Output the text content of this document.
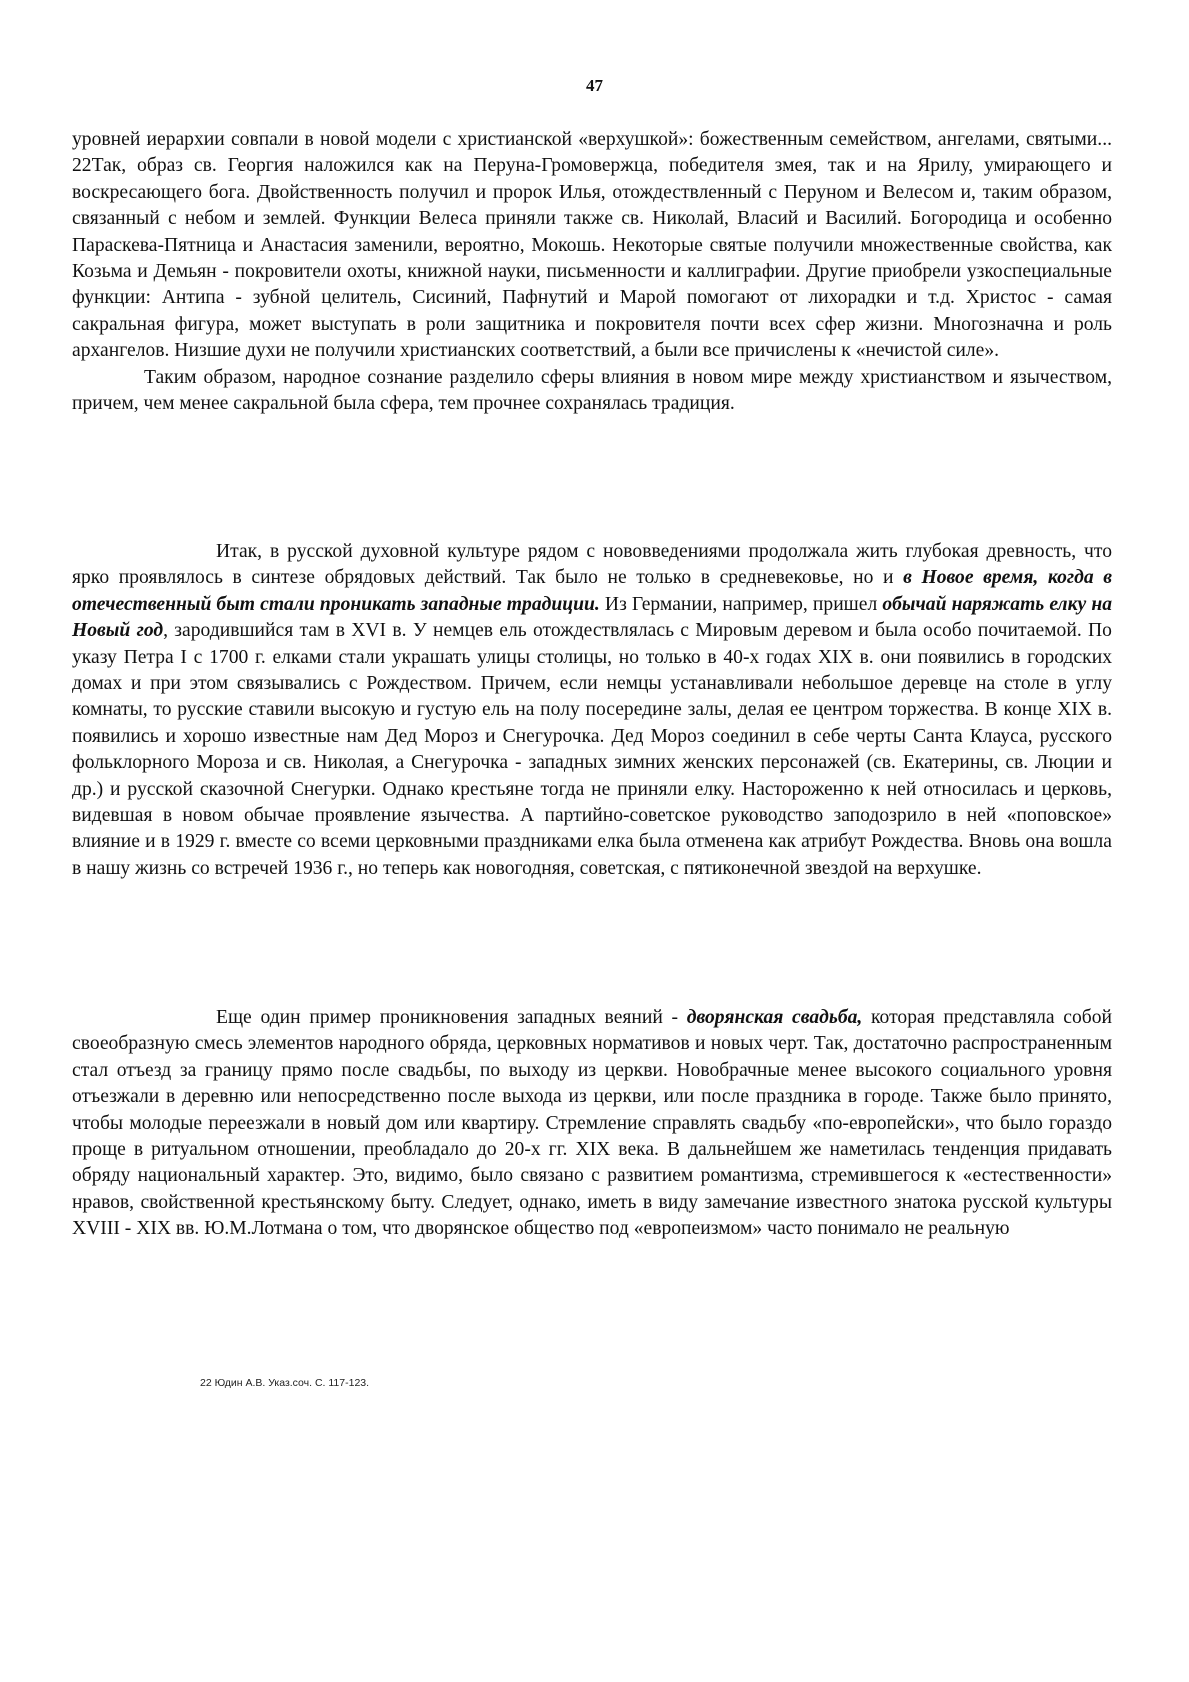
47

уровней иерархии совпали в новой модели с христианской «верхушкой»: божественным семейством, ангелами, святыми... 22Так, образ св. Георгия наложился как на Перуна-Громовержца, победителя змея, так и на Ярилу, умирающего и воскресающего бога. Двойственность получил и пророк Илья, отождествленный с Перуном и Велесом и, таким образом, связанный с небом и землей. Функции Велеса приняли также св. Николай, Власий и Василий. Богородица и особенно Параскева-Пятница и Анастасия заменили, вероятно, Мокошь. Некоторые святые получили множественные свойства, как Козьма и Демьян - покровители охоты, книжной науки, письменности и каллиграфии. Другие приобрели узкоспециальные функции: Антипа - зубной целитель, Сисиний, Пафнутий и Марой помогают от лихорадки и т.д. Христос - самая сакральная фигура, может выступать в роли защитника и покровителя почти всех сфер жизни. Многозначна и роль архангелов. Низшие духи не получили христианских соответствий, а были все причислены к «нечистой силе».

Таким образом, народное сознание разделило сферы влияния в новом мире между христианством и язычеством, причем, чем менее сакральной была сфера, тем прочнее сохранялась традиция.

Итак, в русской духовной культуре рядом с нововведениями продолжала жить глубокая древность, что ярко проявлялось в синтезе обрядовых действий. Так было не только в средневековье, но и в Новое время, когда в отечественный быт стали проникать западные традиции. Из Германии, например, пришел обычай наряжать елку на Новый год, зародившийся там в XVI в. У немцев ель отождествлялась с Мировым деревом и была особо почитаемой. По указу Петра I с 1700 г. елками стали украшать улицы столицы, но только в 40-х годах XIX в. они появились в городских домах и при этом связывались с Рождеством. Причем, если немцы устанавливали небольшое деревце на столе в углу комнаты, то русские ставили высокую и густую ель на полу посередине залы, делая ее центром торжества. В конце XIX в. появились и хорошо известные нам Дед Мороз и Снегурочка. Дед Мороз соединил в себе черты Санта Клауса, русского фольклорного Мороза и св. Николая, а Снегурочка - западных зимних женских персонажей (св. Екатерины, св. Люции и др.) и русской сказочной Снегурки. Однако крестьяне тогда не приняли елку. Настороженно к ней относилась и церковь, видевшая в новом обычае проявление язычества. А партийно-советское руководство заподозрило в ней «поповское» влияние и в 1929 г. вместе со всеми церковными праздниками елка была отменена как атрибут Рождества. Вновь она вошла в нашу жизнь со встречей 1936 г., но теперь как новогодняя, советская, с пятиконечной звездой на верхушке.

Еще один пример проникновения западных веяний - дворянская свадьба, которая представляла собой своеобразную смесь элементов народного обряда, церковных нормативов и новых черт. Так, достаточно распространенным стал отъезд за границу прямо после свадьбы, по выходу из церкви. Новобрачные менее высокого социального уровня отъезжали в деревню или непосредственно после выхода из церкви, или после праздника в городе. Также было принято, чтобы молодые переезжали в новый дом или квартиру. Стремление справлять свадьбу «по-европейски», что было гораздо проще в ритуальном отношении, преобладало до 20-х гг. XIX века. В дальнейшем же наметилась тенденция придавать обряду национальный характер. Это, видимо, было связано с развитием романтизма, стремившегося к «естественности» нравов, свойственной крестьянскому быту. Следует, однако, иметь в виду замечание известного знатока русской культуры XVIII - XIX вв. Ю.М.Лотмана о том, что дворянское общество под «европеизмом» часто понимало не реальную

22 Юдин А.В. Указ.соч. С. 117-123.
